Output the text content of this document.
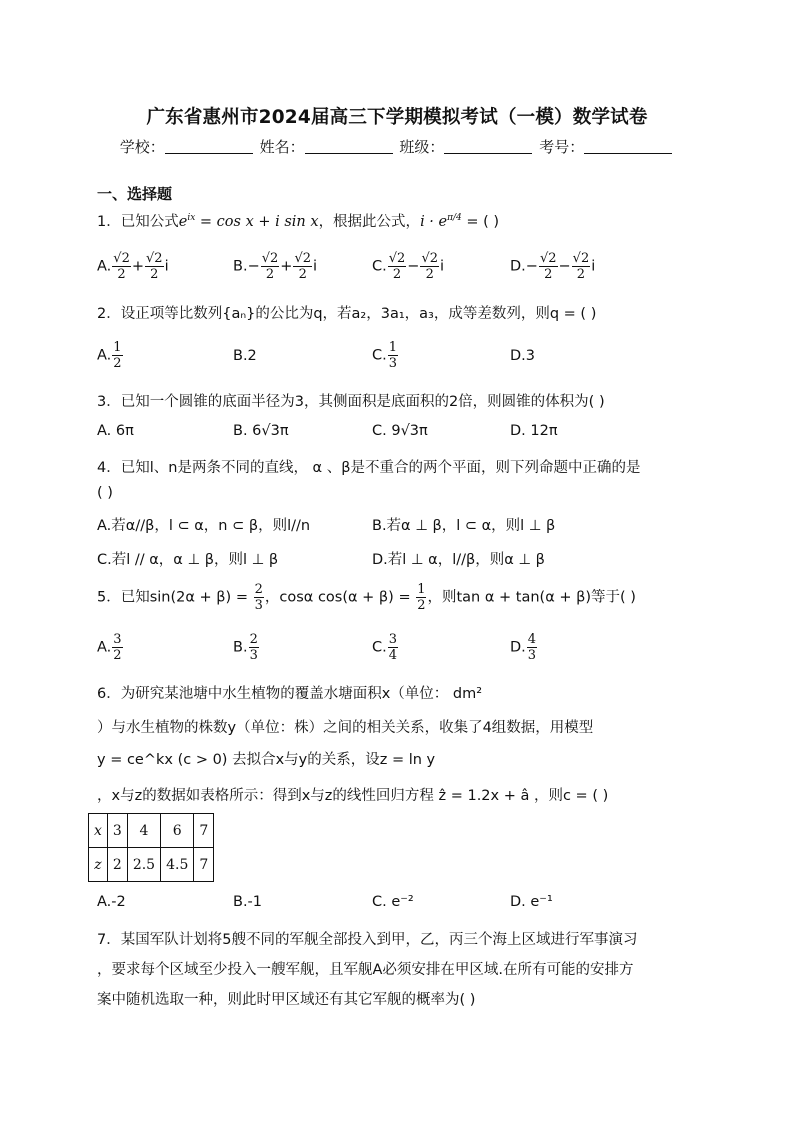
广东省惠州市2024届高三下学期模拟考试（一模）数学试卷
学校：	姓名：	班级：	考号：
一、选择题
1．已知公式$e^{ix} = \cos x + i$ sin x，根据此公式，$i \cdot e^{\pi/4}$ = ( )
A. $\frac{√2}{2} + \frac{√2}{2}$ i	$B.- \frac{√2}{2} + \frac{√2}{2}$ i	C. $\frac{√2}{2} - \frac{√2}{2}$ i	$D.- \frac{√2}{2} - \frac{√2}{2}$ i
2．设正项等比数列{aₙ}的公比为q，若a₂，3a₁，a₃，成等差数列，则q = ( )
A. $\frac{1}{2}$	B.2	C. $\frac{1}{3}$	D.3
3．已知一个圆锥的底面半径为3，其侧面积是底面积的2倍，则圆锥的体积为( )
A. 6π	B. 6√3π	C. 9√3π	D. 12π
4．已知l、n是两条不同的直线， α 、β是不重合的两个平面，则下列命题中正确的是
( )
A.若α//β，l ⊂ α，n ⊂ β，则l//n	B.若α ⊥ β，l ⊂ α，则l ⊥ β
C.若l // α，α ⊥ β，则l ⊥ β	D.若l ⊥ α，l//β，则α ⊥ β
5．已知$\sin(2\alpha + \beta) = \frac{2}{3}$ ，cosα $\cos(\alpha + \beta) = \frac{1}{2}$ ，则tan α + tan(α + β)等于( )
A. $\frac{3}{2}$	B. $\frac{2}{3}$	C. $\frac{3}{4}$	D. $\frac{4}{3}$
6．为研究某池塘中水生植物的覆盖水塘面积x（单位： dm²
）与水生植物的株数y（单位：株）之间的相关关系，收集了4组数据，用模型
y = ce^kx (c > 0) 去拟合x与y的关系，设z = ln y
，x与z的数据如表格所示：得到x与z的线性回归方程 ẑ = 1.2x + â ，则c = ( )
x	3	4	6	7
z	2	2.5	4.5	7
A.-2	B.-1	C. e⁻²	D. e⁻¹
7．某国军队计划将5艘不同的军舰全部投入到甲，乙，丙三个海上区域进行军事演习
，要求每个区域至少投入一艘军舰，且军舰A必须安排在甲区域.在所有可能的安排方
案中随机选取一种，则此时甲区域还有其它军舰的概率为( )
